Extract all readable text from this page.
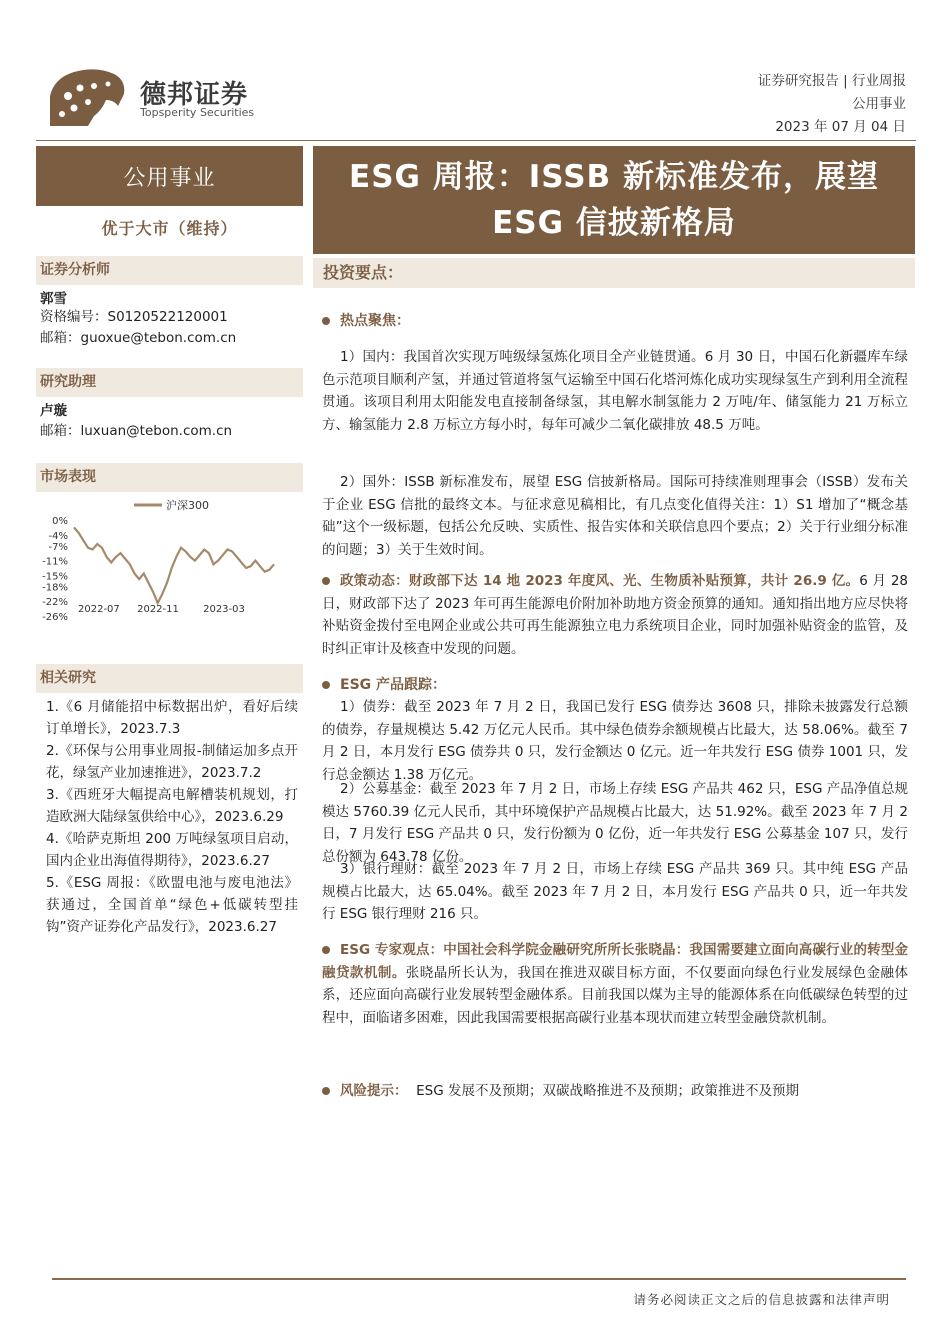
德邦证券
Topsperity Securities
证券研究报告 | 行业周报
公用事业
2023 年 07 月 04 日
公用事业
优于大市（维持）
证券分析师
郭雪
资格编号：S0120522120001
邮箱：guoxue@tebon.com.cn
研究助理
卢璇
邮箱：luxuan@tebon.com.cn
市场表现
沪深300
0%
-4%
-7%
-11%
-15%
-18%
-22%
-26%
2022-07 2022-11 2023-03
相关研究
1.《6 月储能招中标数据出炉，看好后续订单增长》，2023.7.3
2.《环保与公用事业周报-制储运加多点开花，绿氢产业加速推进》，2023.7.2
3.《西班牙大幅提高电解槽装机规划，打造欧洲大陆绿氢供给中心》，2023.6.29
4.《哈萨克斯坦 200 万吨绿氢项目启动，国内企业出海值得期待》，2023.6.27
5.《ESG 周报：《欧盟电池与废电池法》获通过，全国首单“绿色+低碳转型挂钩”资产证券化产品发行》，2023.6.27
ESG 周报：ISSB 新标准发布，展望
ESG 信披新格局
投资要点：
热点聚焦：
1）国内：我国首次实现万吨级绿氢炼化项目全产业链贯通。6 月 30 日，中国石化新疆库车绿色示范项目顺利产氢，并通过管道将氢气运输至中国石化塔河炼化成功实现绿氢生产到利用全流程贯通。该项目利用太阳能发电直接制备绿氢，其电解水制氢能力 2 万吨/年、储氢能力 21 万标立方、输氢能力 2.8 万标立方每小时，每年可减少二氧化碳排放 48.5 万吨。
2）国外：ISSB 新标准发布，展望 ESG 信披新格局。国际可持续准则理事会（ISSB）发布关于企业 ESG 信批的最终文本。与征求意见稿相比，有几点变化值得关注：1）S1 增加了“概念基础”这个一级标题，包括公允反映、实质性、报告实体和关联信息四个要点；2）关于行业细分标准的问题；3）关于生效时间。
政策动态：财政部下达 14 地 2023 年度风、光、生物质补贴预算，共计 26.9 亿。6 月 28 日，财政部下达了 2023 年可再生能源电价附加补助地方资金预算的通知。通知指出地方应尽快将补贴资金拨付至电网企业或公共可再生能源独立电力系统项目企业，同时加强补贴资金的监管，及时纠正审计及核查中发现的问题。
ESG 产品跟踪：
1）债券：截至 2023 年 7 月 2 日，我国已发行 ESG 债券达 3608 只，排除未披露发行总额的债券，存量规模达 5.42 万亿元人民币。其中绿色债券余额规模占比最大，达 58.06%。截至 7 月 2 日，本月发行 ESG 债券共 0 只，发行金额达 0 亿元。近一年共发行 ESG 债券 1001 只，发行总金额达 1.38 万亿元。
2）公募基金：截至 2023 年 7 月 2 日，市场上存续 ESG 产品共 462 只，ESG 产品净值总规模达 5760.39 亿元人民币，其中环境保护产品规模占比最大，达 51.92%。截至 2023 年 7 月 2 日，7 月发行 ESG 产品共 0 只，发行份额为 0 亿份，近一年共发行 ESG 公募基金 107 只，发行总份额为 643.78 亿份。
3）银行理财：截至 2023 年 7 月 2 日，市场上存续 ESG 产品共 369 只。其中纯 ESG 产品规模占比最大，达 65.04%。截至 2023 年 7 月 2 日，本月发行 ESG 产品共 0 只，近一年共发行 ESG 银行理财 216 只。
ESG 专家观点：中国社会科学院金融研究所所长张晓晶：我国需要建立面向高碳行业的转型金融贷款机制。张晓晶所长认为，我国在推进双碳目标方面，不仅要面向绿色行业发展绿色金融体系，还应面向高碳行业发展转型金融体系。目前我国以煤为主导的能源体系在向低碳绿色转型的过程中，面临诸多困难，因此我国需要根据高碳行业基本现状而建立转型金融贷款机制。
风险提示： ESG 发展不及预期；双碳战略推进不及预期；政策推进不及预期
请务必阅读正文之后的信息披露和法律声明
